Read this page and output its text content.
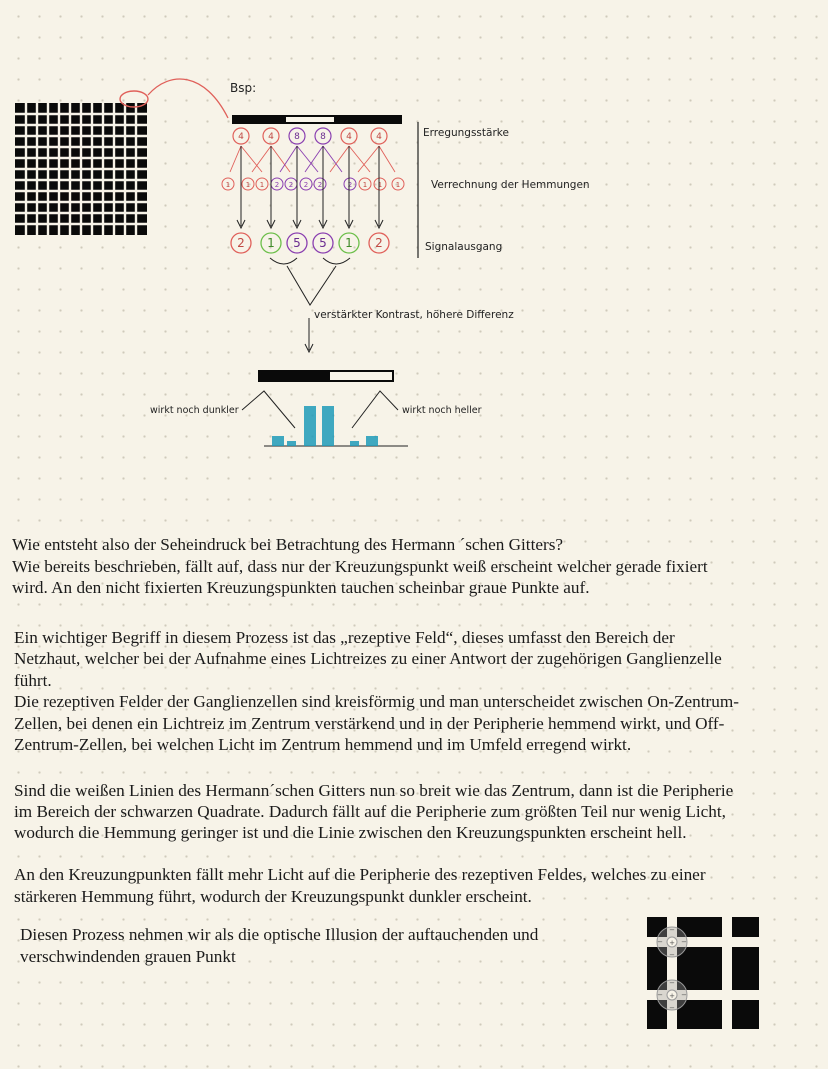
Bsp:
4	4 8 8 4	4
1 1 1 2 2 2 2	2 1 1 1
2 1 5 5 1 2
Erregungsstärke
Verrechnung der Hemmungen
Signalausgang
verstärkter Kontrast, höhere Differenz
wirkt noch dunkler	wirkt noch heller

Wie entsteht also der Seheindruck bei Betrachtung des Hermann ´schen Gitters?

Wie bereits beschrieben, fällt auf, dass nur der Kreuzungspunkt weiß erscheint welcher gerade fixiert

wird. An den nicht fixierten Kreuzungspunkten tauchen scheinbar graue Punkte auf.

Ein wichtiger Begriff in diesem Prozess ist das „rezeptive Feld“, dieses umfasst den Bereich der

Netzhaut, welcher bei der Aufnahme eines Lichtreizes zu einer Antwort der zugehörigen Ganglienzelle

führt.

Die rezeptiven Felder der Ganglienzellen sind kreisförmig und man unterscheidet zwischen On-Zentrum-

Zellen, bei denen ein Lichtreiz im Zentrum verstärkend und in der Peripherie hemmend wirkt, und Off-

Zentrum-Zellen, bei welchen Licht im Zentrum hemmend und im Umfeld erregend wirkt.

Sind die weißen Linien des Hermann´schen Gitters nun so breit wie das Zentrum, dann ist die Peripherie

im Bereich der schwarzen Quadrate. Dadurch fällt auf die Peripherie zum größten Teil nur wenig Licht,

wodurch die Hemmung geringer ist und die Linie zwischen den Kreuzungspunkten erscheint hell.

An den Kreuzungpunkten fällt mehr Licht auf die Peripherie des rezeptiven Feldes, welches zu einer

stärkeren Hemmung führt, wodurch der Kreuzungspunkt dunkler erscheint.

Diesen Prozess nehmen wir als die optische Illusion der auftauchenden und

verschwindenden grauen Punkt

−
−
−	−
+
−
−
−	−
+
